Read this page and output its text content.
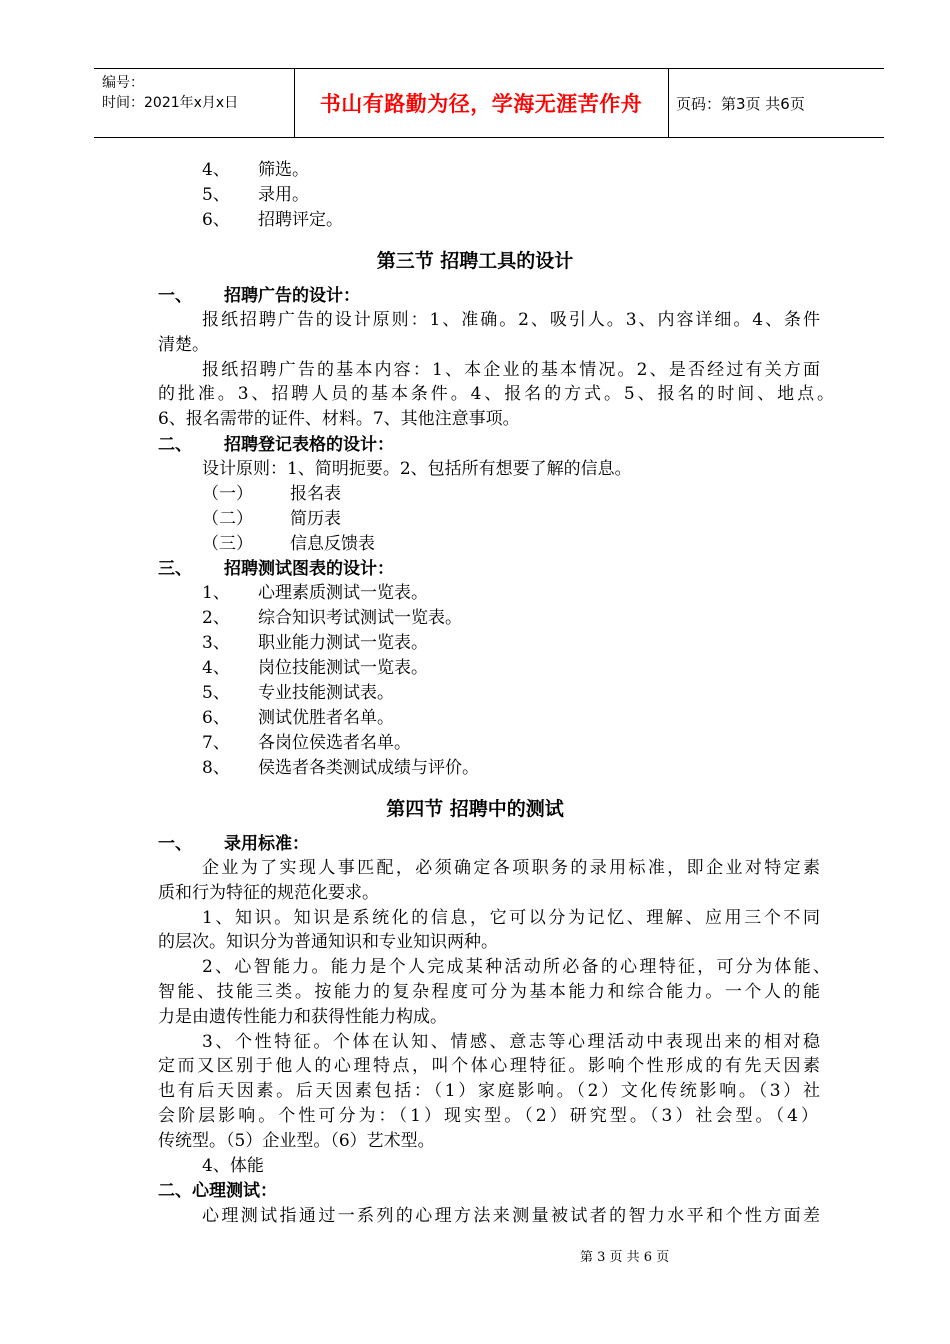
编号：
时间：2021年x月x日	书山有路勤为径，学海无涯苦作舟	页码：第3页 共6页
4、 筛选。
5、 录用。
6、 招聘评定。
第三节 招聘工具的设计
一、 招聘广告的设计：
报纸招聘广告的设计原则：1、准确。2、吸引人。3、内容详细。4、条件
清楚。
报纸招聘广告的基本内容：1、本企业的基本情况。2、是否经过有关方面
的批准。3、招聘人员的基本条件。4、报名的方式。5、报名的时间、地点。
6、报名需带的证件、材料。7、其他注意事项。
二、 招聘登记表格的设计：
设计原则：1、简明扼要。2、包括所有想要了解的信息。
（一） 报名表
（二） 简历表
（三） 信息反馈表
三、 招聘测试图表的设计：
1、 心理素质测试一览表。
2、 综合知识考试测试一览表。
3、 职业能力测试一览表。
4、 岗位技能测试一览表。
5、 专业技能测试表。
6、 测试优胜者名单。
7、 各岗位侯选者名单。
8、 侯选者各类测试成绩与评价。
第四节 招聘中的测试
一、 录用标准：
企业为了实现人事匹配，必须确定各项职务的录用标准，即企业对特定素
质和行为特征的规范化要求。
1、知识。知识是系统化的信息，它可以分为记忆、理解、应用三个不同
的层次。知识分为普通知识和专业知识两种。
2、心智能力。能力是个人完成某种活动所必备的心理特征，可分为体能、
智能、技能三类。按能力的复杂程度可分为基本能力和综合能力。一个人的能
力是由遗传性能力和获得性能力构成。
3、个性特征。个体在认知、情感、意志等心理活动中表现出来的相对稳
定而又区别于他人的心理特点，叫个体心理特征。影响个性形成的有先天因素
也有后天因素。后天因素包括：（1）家庭影响。（2）文化传统影响。（3）社
会阶层影响。个性可分为：（1）现实型。（2）研究型。（3）社会型。（4）
传统型。（5）企业型。（6）艺术型。
4、体能
二、心理测试：
心理测试指通过一系列的心理方法来测量被试者的智力水平和个性方面差
第 3 页 共 6 页
